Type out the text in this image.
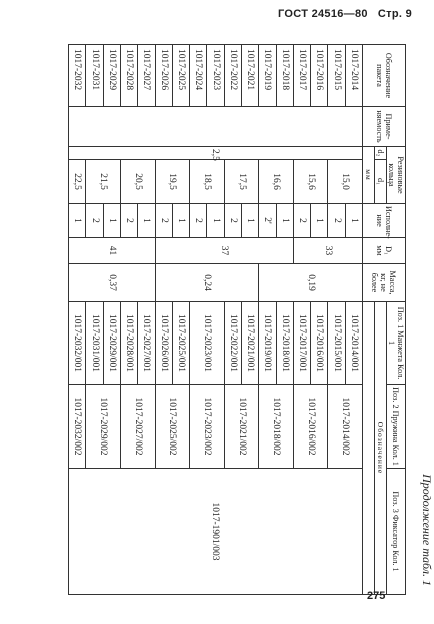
ГОСТ 24516—80 Стр. 9
Продолжение табл. 1
Обозначение пакета	Приме-няемость	Резиновые кольца		Исполне-ние	D₁ мм	Масса, кг, не более	Поз. 1 Манжета Кол. 1	Поз. 2 Пружина Кол. 1	Поз. 3 Фиксатор Кол. 1
		d₂	d₁				Обозначение		
		мм							
1017-2014		2,5	15,0	1	33	0,19	1017-2014/001	1017-2014/002	1017-1901/003
1017-2015				2			1017-2015/001		
1017-2016			15,6	1			1017-2016/001	1017-2016/002	
1017-2017				2			1017-2017/001		
1017-2018			16,6	1	37		1017-2018/001	1017-2018/002	
1017-2019				2'			1017-2019/001		
1017-2021			17,5	1		0,24	1017-2021/001	1017-2021/002	
1017-2022				2			1017-2022/001		
1017-2023			18,5	1			1017-2023/001	1017-2023/002	
1017-2024				2					
1017-2025			19,5	1			1017-2025/001	1017-2025/002	
1017-2026				2			1017-2026/001		
1017-2027			20,5	1	41	0,37	1017-2027/001	1017-2027/002	
1017-2028				2			1017-2028/001		
1017-2029			21,5	1			1017-2029/001	1017-2029/002	
1017-2031				2			1017-2031/001		
1017-2032			22,5	1			1017-2032/001	1017-2032/002	
275
